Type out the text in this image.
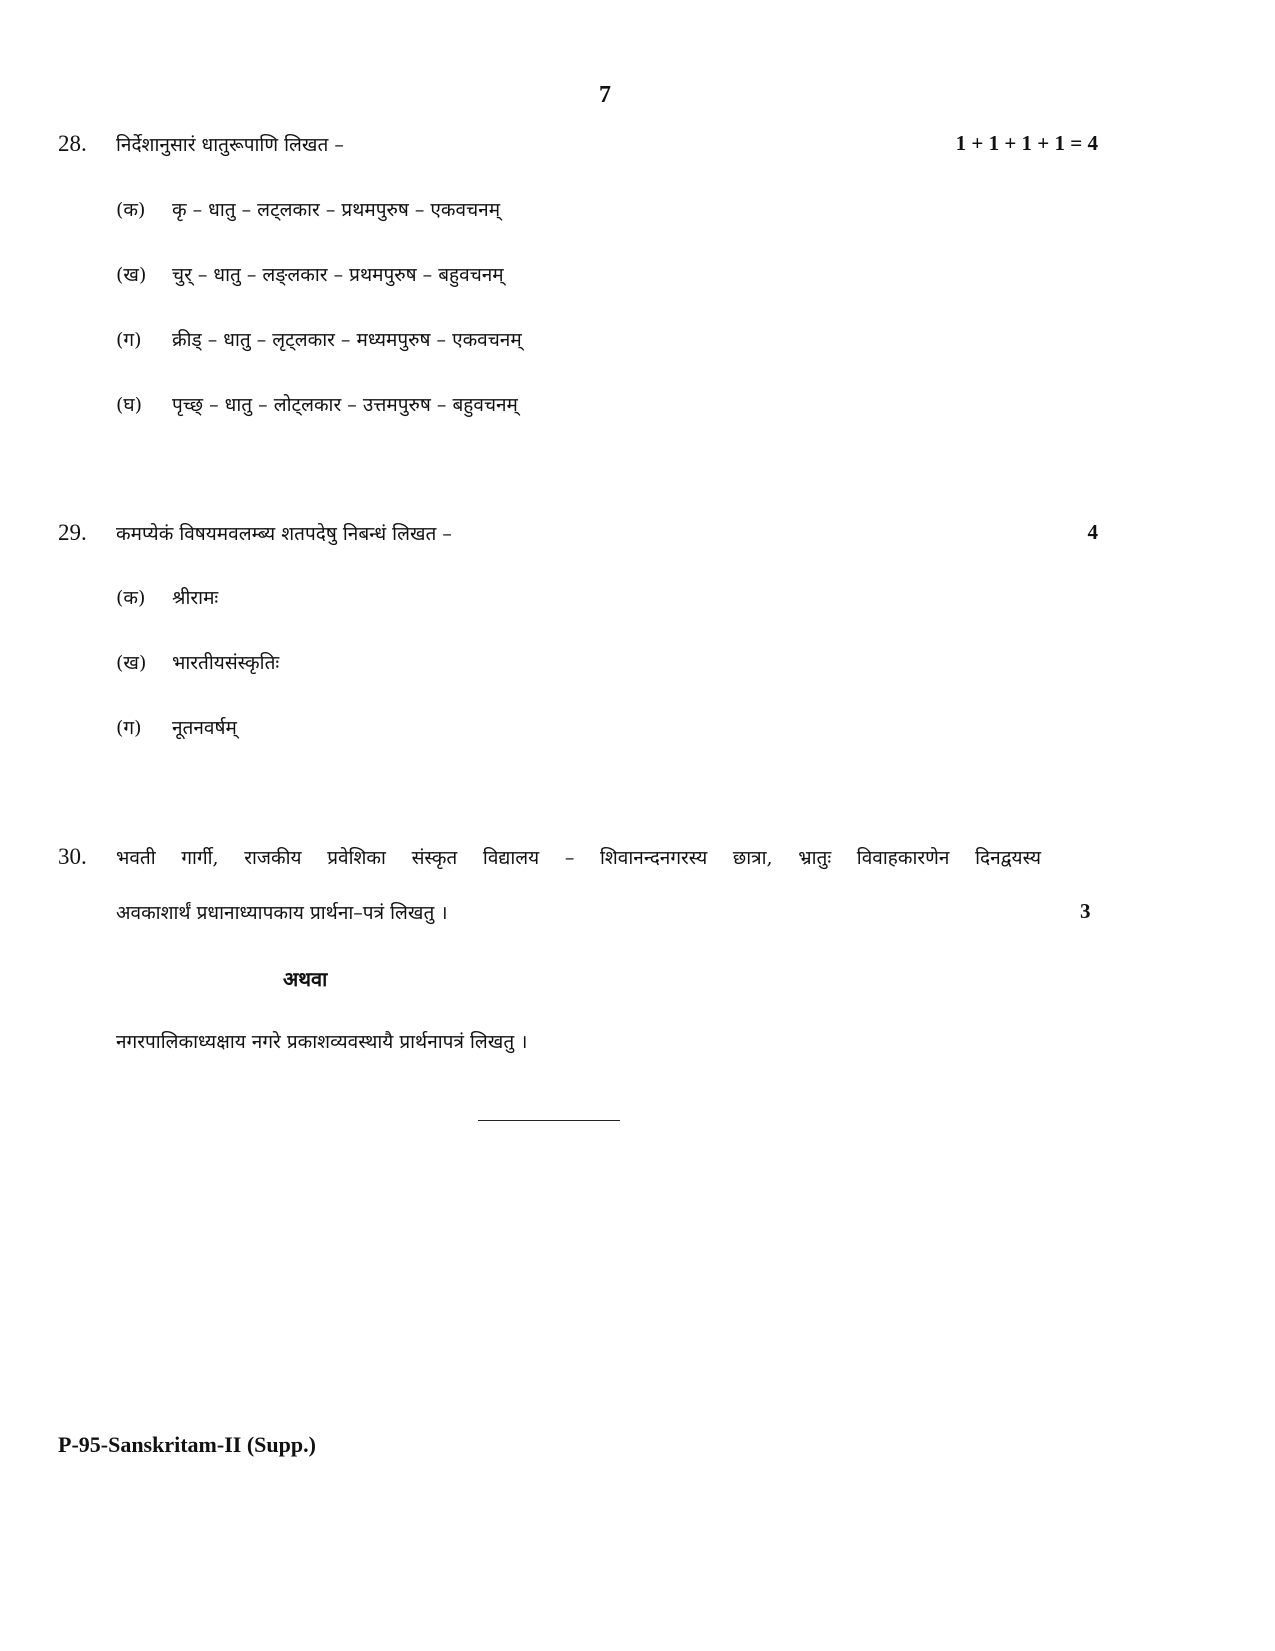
7
28. निर्देशानुसारं धातुरूपाणि लिखत –	1 + 1 + 1 + 1 = 4
(क) कृ – धातु – लट्लकार – प्रथमपुरुष – एकवचनम्
(ख) चुर् – धातु – लङ्लकार – प्रथमपुरुष – बहुवचनम्
(ग) क्रीड् – धातु – लृट्लकार – मध्यमपुरुष – एकवचनम्
(घ) पृच्छ् – धातु – लोट्लकार – उत्तमपुरुष – बहुवचनम्
29. कमप्येकं विषयमवलम्ब्य शतपदेषु निबन्धं लिखत –	4
(क) श्रीरामः
(ख) भारतीयसंस्कृतिः
(ग) नूतनवर्षम्
30. भवती गार्गी, राजकीय प्रवेशिका संस्कृत विद्यालय – शिवानन्दनगरस्य छात्रा, भ्रातुः विवाहकारणेन दिनद्वयस्य
अवकाशार्थं प्रधानाध्यापकाय प्रार्थना–पत्रं लिखतु ।	3
अथवा
नगरपालिकाध्यक्षाय नगरे प्रकाशव्यवस्थायै प्रार्थनापत्रं लिखतु ।
P-95-Sanskritam-II (Supp.)
